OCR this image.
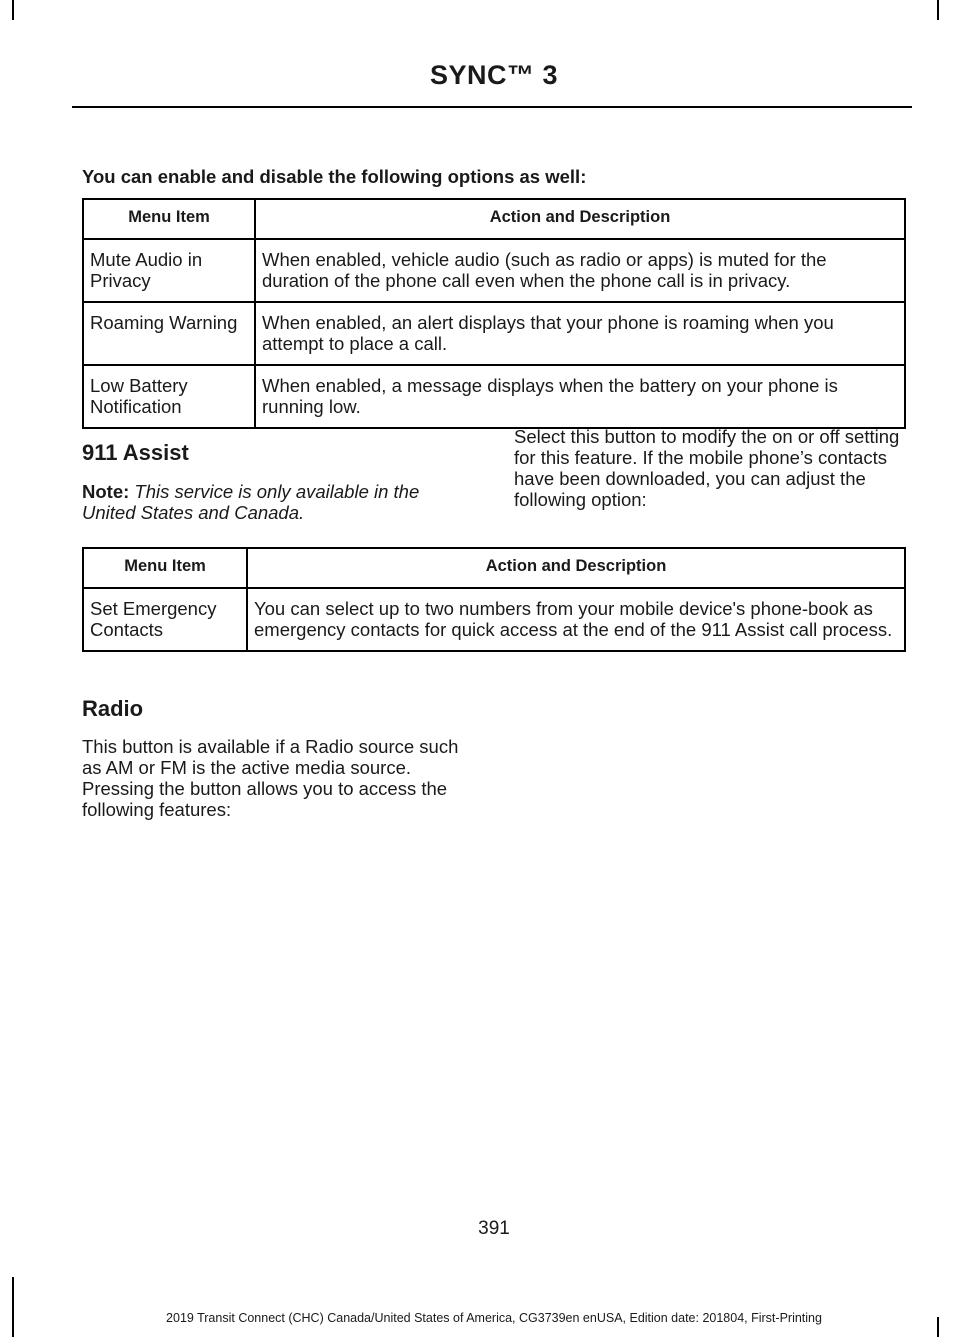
SYNC™ 3
You can enable and disable the following options as well:
Menu Item	Action and Description
Mute Audio in Privacy	When enabled, vehicle audio (such as radio or apps) is muted for the duration of the phone call even when the phone call is in privacy.
Roaming Warning	When enabled, an alert displays that your phone is roaming when you attempt to place a call.
Low Battery Notification	When enabled, a message displays when the battery on your phone is running low.
911 Assist
Note: This service is only available in the United States and Canada.
Select this button to modify the on or off setting for this feature. If the mobile phone’s contacts have been downloaded, you can adjust the following option:
Menu Item	Action and Description
Set Emergency Contacts	You can select up to two numbers from your mobile device's phone-book as emergency contacts for quick access at the end of the 911 Assist call process.
Radio
This button is available if a Radio source such as AM or FM is the active media source. Pressing the button allows you to access the following features:
391
2019 Transit Connect (CHC) Canada/United States of America, CG3739en enUSA, Edition date: 201804, First-Printing
